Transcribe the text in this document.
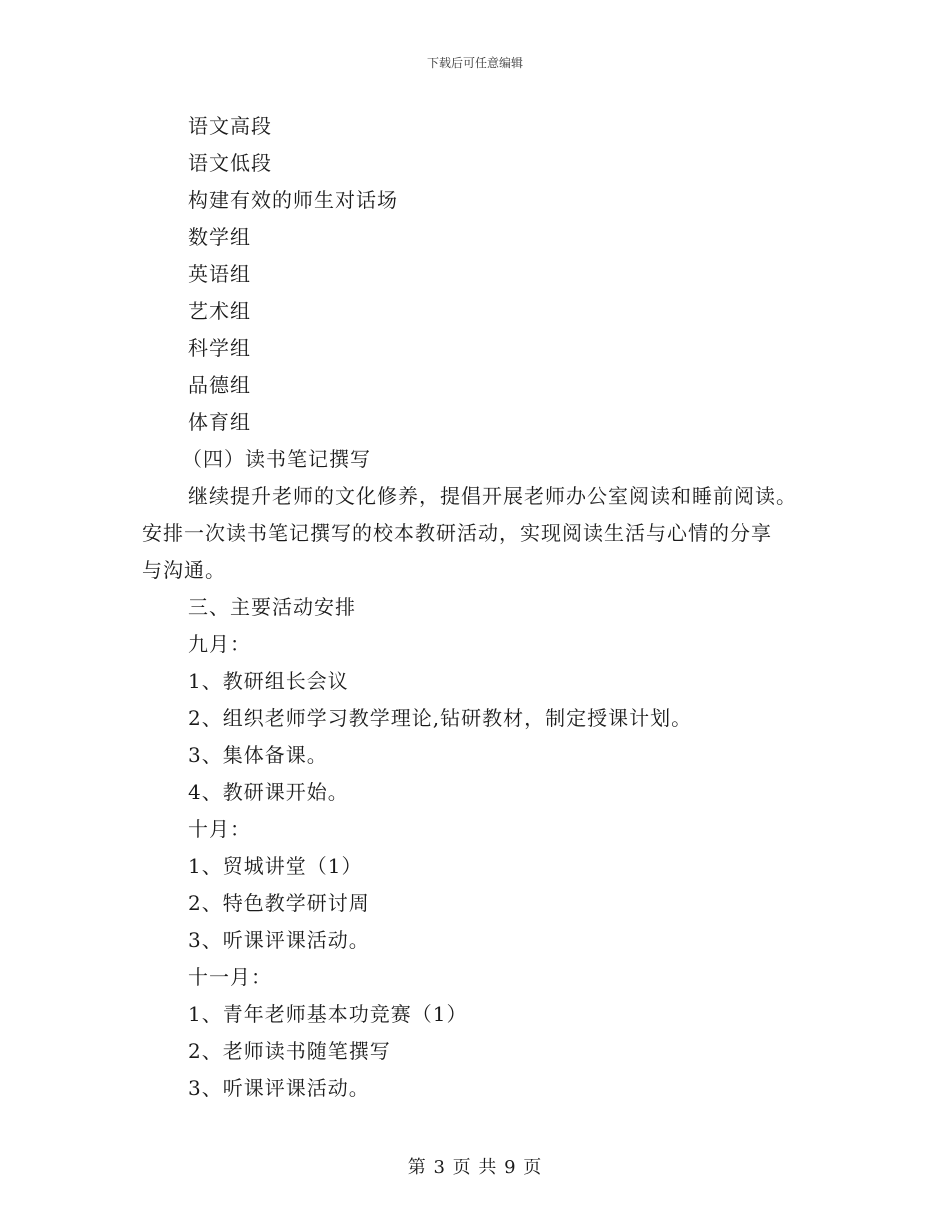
下载后可任意编辑
语文高段
语文低段
构建有效的师生对话场
数学组
英语组
艺术组
科学组
品德组
体育组
（四）读书笔记撰写
继续提升老师的文化修养，提倡开展老师办公室阅读和睡前阅读。
安排一次读书笔记撰写的校本教研活动，实现阅读生活与心情的分享
与沟通。
三、主要活动安排
九月：
1、教研组长会议
2、组织老师学习教学理论,钻研教材，制定授课计划。
3、集体备课。
4、教研课开始。
十月：
1、贸城讲堂（1）
2、特色教学研讨周
3、听课评课活动。
十一月：
1、青年老师基本功竞赛（1）
2、老师读书随笔撰写
3、听课评课活动。
第 3 页 共 9 页
